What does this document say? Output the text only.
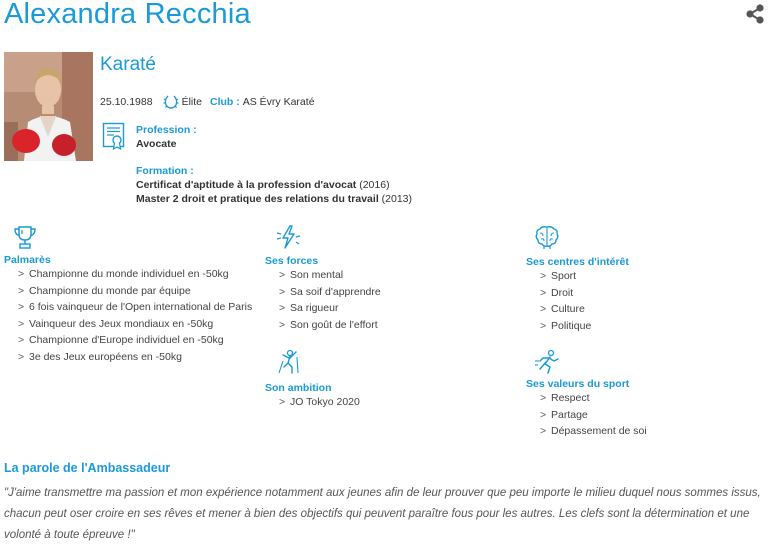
Alexandra Recchia
Karaté
25.10.1988	Élite Club : AS Évry Karaté
Profession :
Avocate
Formation :
Certificat d'aptitude à la profession d'avocat (2016)
Master 2 droit et pratique des relations du travail (2013)
Palmarès
> Championne du monde individuel en -50kg
> Championne du monde par équipe
> 6 fois vainqueur de l'Open international de Paris
> Vainqueur des Jeux mondiaux en -50kg
> Championne d'Europe individuel en -50kg
> 3e des Jeux européens en -50kg
Ses forces
> Son mental
> Sa soif d'apprendre
> Sa rigueur
> Son goût de l'effort
Son ambition
> JO Tokyo 2020
Ses centres d'intérêt
> Sport
> Droit
> Culture
> Politique
Ses valeurs du sport
> Respect
> Partage
> Dépassement de soi
La parole de l'Ambassadeur
"J'aime transmettre ma passion et mon expérience notamment aux jeunes afin de leur prouver que peu importe le milieu duquel nous sommes issus, chacun peut oser croire en ses rêves et mener à bien des objectifs qui peuvent paraître fous pour les autres. Les clefs sont la détermination et une volonté à toute épreuve !"
